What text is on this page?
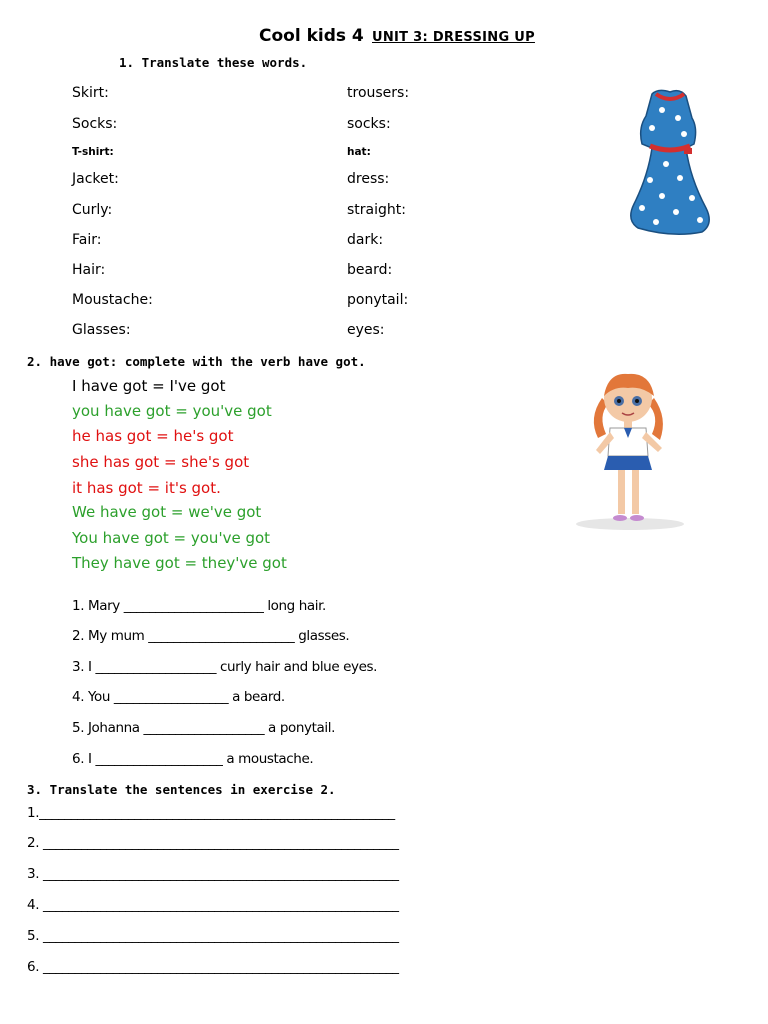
Cool kids 4 UNIT 3: DRESSING UP
1. Translate these words.
Skirt:
Socks:
T-shirt:
Jacket:
Curly:
Fair:
Hair:
Moustache:
Glasses:
trousers:
socks:
hat:
dress:
straight:
dark:
beard:
ponytail:
eyes:
2. have got: complete with the verb have got.
I have got = I've got
you have got = you've got
he has got = he's got
she has got = she's got
it has got = it's got.
We have got = we've got
You have got = you've got
They have got = they've got
1. Mary ______________________ long hair.
2. My mum _______________________ glasses.
3. I ___________________ curly hair and blue eyes.
4. You __________________ a beard.
5. Johanna ___________________ a ponytail.
6. I ____________________ a moustache.
3. Translate the sentences in exercise 2.
1.________________________________________________________
2. ________________________________________________________
3. ________________________________________________________
4. ________________________________________________________
5. ________________________________________________________
6. ________________________________________________________
